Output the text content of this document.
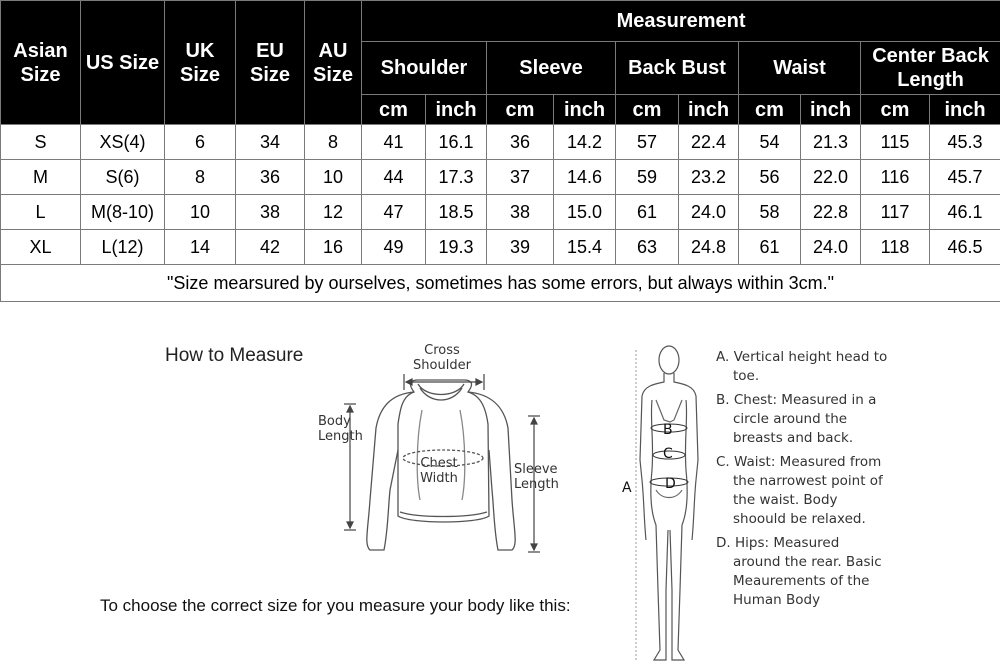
Asian Size	US Size	UK Size	EU Size	AU Size	Measurement									
					Shoulder		Sleeve		Back Bust		Waist		Center Back Length	
					cm	inch	cm	inch	cm	inch	cm	inch	cm	inch
S	XS(4)	6	34	8	41	16.1	36	14.2	57	22.4	54	21.3	115	45.3
M	S(6)	8	36	10	44	17.3	37	14.6	59	23.2	56	22.0	116	45.7
L	M(8-10)	10	38	12	47	18.5	38	15.0	61	24.0	58	22.8	117	46.1
XL	L(12)	14	42	16	49	19.3	39	15.4	63	24.8	61	24.0	118	46.5
"Size mearsured by ourselves, sometimes has some errors, but always within 3cm."														
How to Measure	Cross Shoulder
Body Length
Chest Width
Sleeve Length
To choose the correct size for you measure your body like this:
B
C
D
A

A. Vertical height head to toe.

B. Chest: Measured in a circle around the breasts and back.

C. Waist: Measured from the narrowest point of the waist. Body shoould be relaxed.

D. Hips: Measured around the rear. Basic Meaurements of the Human Body
